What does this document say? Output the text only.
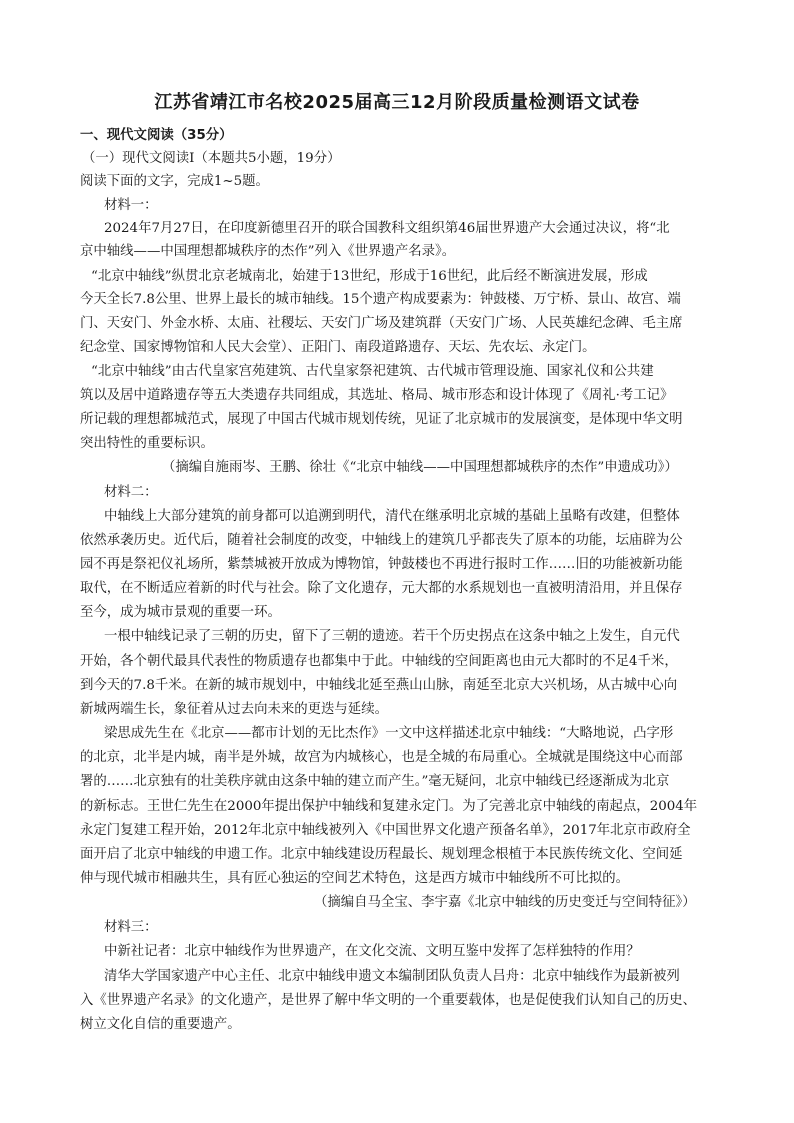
江苏省靖江市名校2025届高三12月阶段质量检测语文试卷
一、现代文阅读（35分）
（一）现代文阅读Ⅰ（本题共5小题，19分）
阅读下面的文字，完成1~5题。
材料一：
2024年7月27日，在印度新德里召开的联合国教科文组织第46届世界遗产大会通过决议，将“北
京中轴线——中国理想都城秩序的杰作”列入《世界遗产名录》。
“北京中轴线”纵贯北京老城南北，始建于13世纪，形成于16世纪，此后经不断演进发展，形成
今天全长7.8公里、世界上最长的城市轴线。15个遗产构成要素为：钟鼓楼、万宁桥、景山、故宫、端
门、天安门、外金水桥、太庙、社稷坛、天安门广场及建筑群（天安门广场、人民英雄纪念碑、毛主席
纪念堂、国家博物馆和人民大会堂）、正阳门、南段道路遗存、天坛、先农坛、永定门。
“北京中轴线”由古代皇家宫苑建筑、古代皇家祭祀建筑、古代城市管理设施、国家礼仪和公共建
筑以及居中道路遗存等五大类遗存共同组成，其选址、格局、城市形态和设计体现了《周礼·考工记》
所记载的理想都城范式，展现了中国古代城市规划传统，见证了北京城市的发展演变，是体现中华文明
突出特性的重要标识。
（摘编自施雨岑、王鹏、徐壮《“北京中轴线——中国理想都城秩序的杰作”申遗成功》）
材料二：
中轴线上大部分建筑的前身都可以追溯到明代，清代在继承明北京城的基础上虽略有改建，但整体
依然承袭历史。近代后，随着社会制度的改变，中轴线上的建筑几乎都丧失了原本的功能，坛庙辟为公
园不再是祭祀仪礼场所，紫禁城被开放成为博物馆，钟鼓楼也不再进行报时工作……旧的功能被新功能
取代，在不断适应着新的时代与社会。除了文化遗存，元大都的水系规划也一直被明清沿用，并且保存
至今，成为城市景观的重要一环。
一根中轴线记录了三朝的历史，留下了三朝的遗迹。若干个历史拐点在这条中轴之上发生，自元代
开始，各个朝代最具代表性的物质遗存也都集中于此。中轴线的空间距离也由元大都时的不足4千米，
到今天的7.8千米。在新的城市规划中，中轴线北延至燕山山脉，南延至北京大兴机场，从古城中心向
新城两端生长，象征着从过去向未来的更迭与延续。
梁思成先生在《北京——都市计划的无比杰作》一文中这样描述北京中轴线：“大略地说，凸字形
的北京，北半是内城，南半是外城，故宫为内城核心，也是全城的布局重心。全城就是围绕这中心而部
署的……北京独有的壮美秩序就由这条中轴的建立而产生。”毫无疑问，北京中轴线已经逐渐成为北京
的新标志。王世仁先生在2000年提出保护中轴线和复建永定门。为了完善北京中轴线的南起点，2004年
永定门复建工程开始，2012年北京中轴线被列入《中国世界文化遗产预备名单》，2017年北京市政府全
面开启了北京中轴线的申遗工作。北京中轴线建设历程最长、规划理念根植于本民族传统文化、空间延
伸与现代城市相融共生，具有匠心独运的空间艺术特色，这是西方城市中轴线所不可比拟的。
（摘编自马全宝、李宇嘉《北京中轴线的历史变迁与空间特征》）
材料三：
中新社记者：北京中轴线作为世界遗产，在文化交流、文明互鉴中发挥了怎样独特的作用？
清华大学国家遗产中心主任、北京中轴线申遗文本编制团队负责人吕舟：北京中轴线作为最新被列
入《世界遗产名录》的文化遗产，是世界了解中华文明的一个重要载体，也是促使我们认知自己的历史、
树立文化自信的重要遗产。
